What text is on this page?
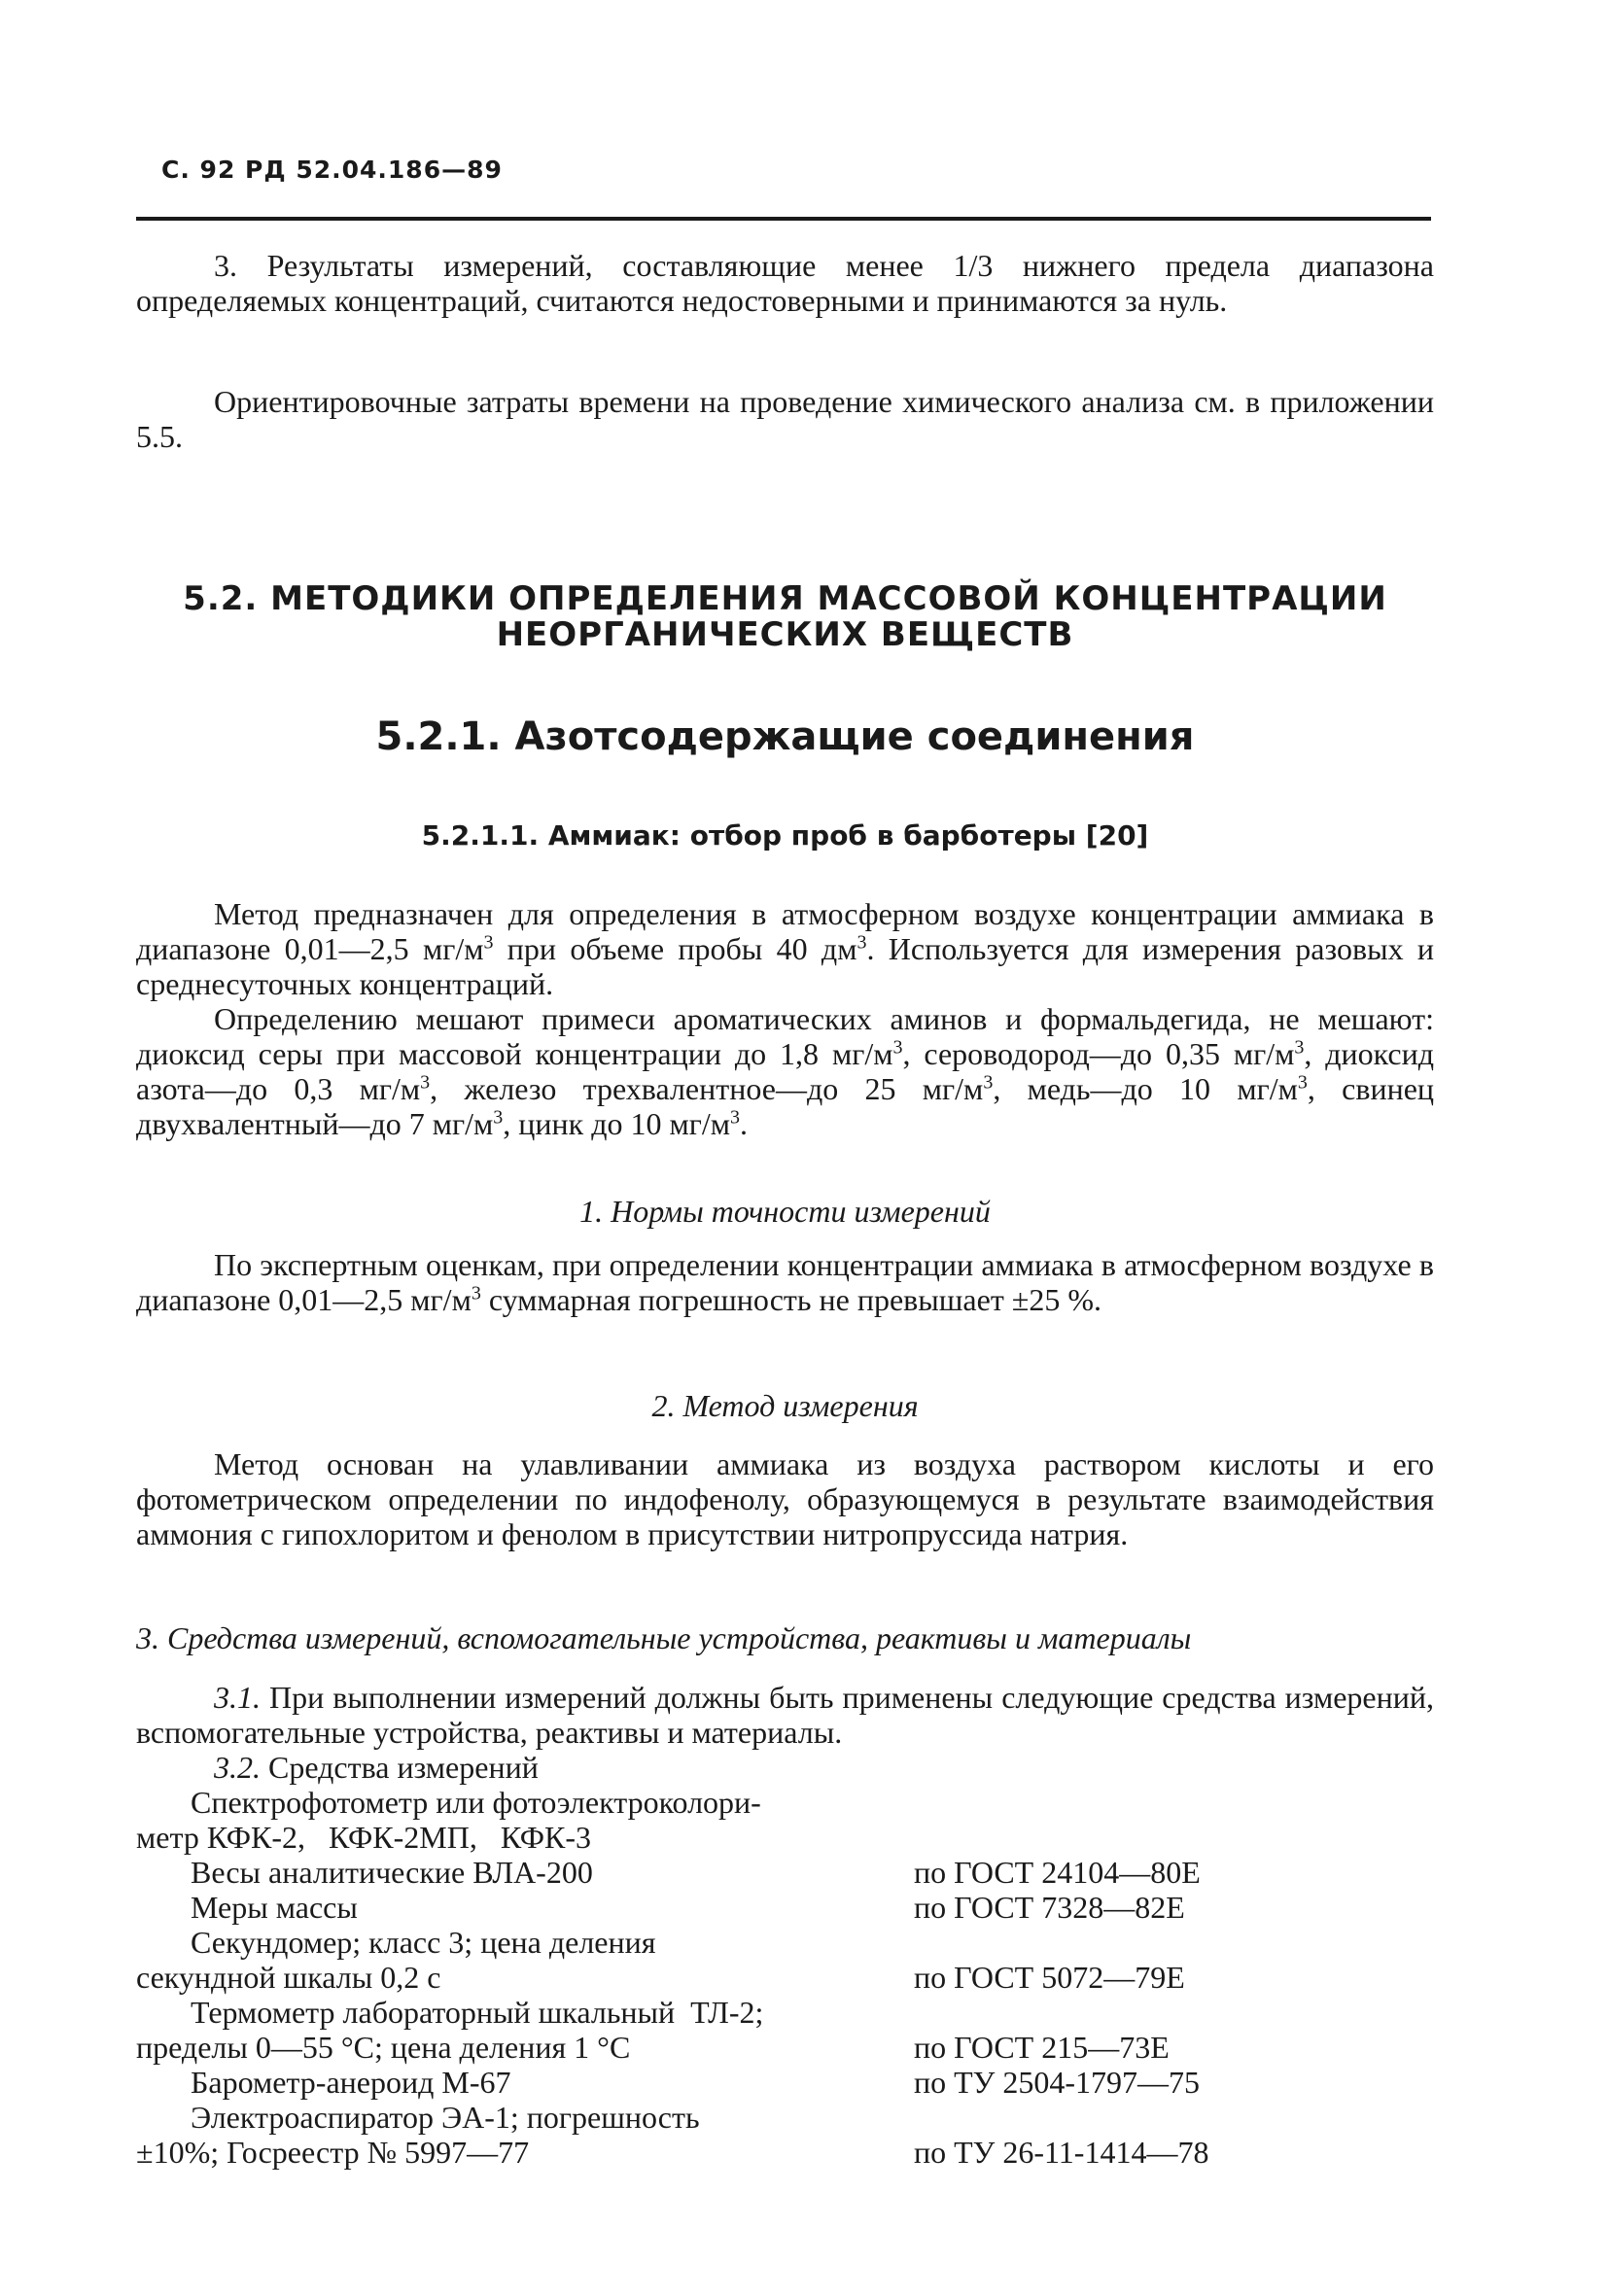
С. 92 РД 52.04.186—89

3. Результаты измерений, составляющие менее 1/3 нижнего предела диапазона определяемых концентраций, считаются недостоверными и принимаются за нуль.

Ориентировочные затраты времени на проведение химического анализа см. в приложении 5.5.

5.2. МЕТОДИКИ ОПРЕДЕЛЕНИЯ МАССОВОЙ КОНЦЕНТРАЦИИ
НЕОРГАНИЧЕСКИХ ВЕЩЕСТВ
5.2.1. Азотсодержащие соединения
5.2.1.1. Аммиак: отбор проб в барботеры [20]

Метод предназначен для определения в атмосферном воздухе концентрации аммиака в диапазоне 0,01—2,5 $мг/м^3$ при объеме пробы 40 $дм^3$. Используется для измерения разовых и среднесуточных концентраций.

Определению мешают примеси ароматических аминов и формальдегида, не мешают: диоксид серы при массовой концентрации до 1,8 $мг/м^3$, сероводород—до 0,35 $мг/м^3$, диоксид азота—до 0,3 $мг/м^3$, железо трехвалентное—до 25 $мг/м^3$, медь—до 10 $мг/м^3$, свинец двухвалентный—до 7 $мг/м^3$, цинк до 10 $мг/м^3$.

1. Нормы точности измерений

По экспертным оценкам, при определении концентрации аммиака в атмосферном воздухе в диапазоне 0,01—2,5 $мг/м^3$ суммарная погрешность не превышает ±25 %.

2. Метод измерения

Метод основан на улавливании аммиака из воздуха раствором кислоты и его фотометрическом определении по индофенолу, образующемуся в результате взаимодействия аммония с гипохлоритом и фенолом в присутствии нитропруссида натрия.

3. Средства измерений, вспомогательные устройства, реактивы и материалы

3.1. При выполнении измерений должны быть применены следующие средства измерений, вспомогательные устройства, реактивы и материалы.

3.2. Средства измерений

Спектрофотометр или фотоэлектроколори-
метр КФК-2,   КФК-2МП,   КФК-3
Весы аналитические ВЛА-200	по ГОСТ 24104—80Е
Меры массы	по ГОСТ 7328—82Е
Секундомер; класс 3; цена деления
секундной шкалы 0,2 с	по ГОСТ 5072—79Е
Термометр лабораторный шкальный  ТЛ-2;
пределы 0—55 °С; цена деления 1 °С	по ГОСТ 215—73Е
Барометр-анероид М-67	по ТУ 2504-1797—75
Электроаспиратор ЭА-1; погрешность
±10%; Госреестр № 5997—77	по ТУ 26-11-1414—78
